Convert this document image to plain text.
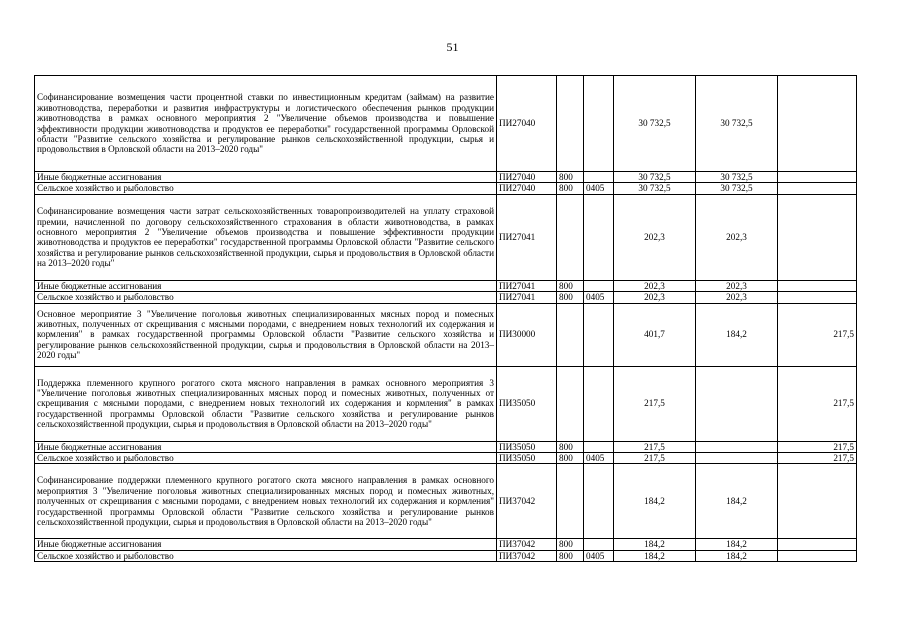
51
Софинансирование возмещения части процентной ставки по инвестиционным кредитам (займам) на развитие животноводства, переработки и развития инфраструктуры и логистического обеспечения рынков продукции животноводства в рамках основного мероприятия 2 "Увеличение объемов производства и повышение эффективности продукции животноводства и продуктов ее переработки" государственной программы Орловской области "Развитие сельского хозяйства и регулирование рынков сельскохозяйственной продукции, сырья и продовольствия в Орловской области на 2013–2020 годы"	ПИ27040			30 732,5	30 732,5	
Иные бюджетные ассигнования	ПИ27040	800		30 732,5	30 732,5	
Сельское хозяйство и рыболовство	ПИ27040	800	0405	30 732,5	30 732,5	
Софинансирование возмещения части затрат сельскохозяйственных товаропроизводителей на уплату страховой премии, начисленной по договору сельскохозяйственного страхования в области животноводства, в рамках основного мероприятия 2 "Увеличение объемов производства и повышение эффективности продукции животноводства и продуктов ее переработки" государственной программы Орловской области "Развитие сельского хозяйства и регулирование рынков сельскохозяйственной продукции, сырья и продовольствия в Орловской области на 2013–2020 годы"	ПИ27041			202,3	202,3	
Иные бюджетные ассигнования	ПИ27041	800		202,3	202,3	
Сельское хозяйство и рыболовство	ПИ27041	800	0405	202,3	202,3	
Основное мероприятие 3 "Увеличение поголовья животных специализированных мясных пород и помесных животных, полученных от скрещивания с мясными породами, с внедрением новых технологий их содержания и кормления" в рамках государственной программы Орловской области "Развитие сельского хозяйства и регулирование рынков сельскохозяйственной продукции, сырья и продовольствия в Орловской области на 2013–2020 годы"	ПИ30000			401,7	184,2	217,5
Поддержка племенного крупного рогатого скота мясного направления в рамках основного мероприятия 3 "Увеличение поголовья животных специализированных мясных пород и помесных животных, полученных от скрещивания с мясными породами, с внедрением новых технологий их содержания и кормления" в рамках государственной программы Орловской области "Развитие сельского хозяйства и регулирование рынков сельскохозяйственной продукции, сырья и продовольствия в Орловской области на 2013–2020 годы"	ПИ35050			217,5		217,5
Иные бюджетные ассигнования	ПИ35050	800		217,5		217,5
Сельское хозяйство и рыболовство	ПИ35050	800	0405	217,5		217,5
Софинансирование поддержки племенного крупного рогатого скота мясного направления в рамках основного мероприятия 3 "Увеличение поголовья животных специализированных мясных пород и помесных животных, полученных от скрещивания с мясными породами, с внедрением новых технологий их содержания и кормления" государственной программы Орловской области "Развитие сельского хозяйства и регулирование рынков сельскохозяйственной продукции, сырья и продовольствия в Орловской области на 2013–2020 годы"	ПИ37042			184,2	184,2	
Иные бюджетные ассигнования	ПИ37042	800		184,2	184,2	
Сельское хозяйство и рыболовство	ПИ37042	800	0405	184,2	184,2	
